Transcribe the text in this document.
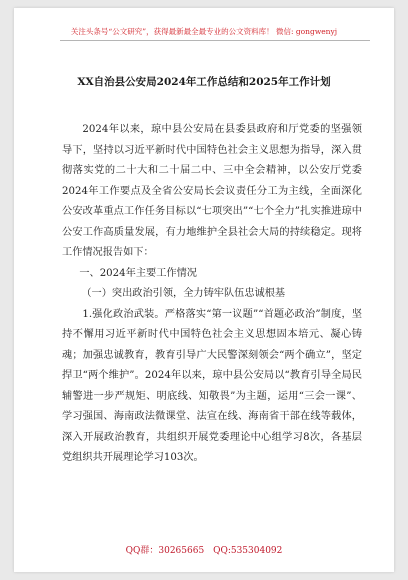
关注头条号“公文研究”，获得最新最全最专业的公文资料库！ 微信: gongwenyj
XX自治县公安局2024年工作总结和2025年工作计划

2024年以来，琼中县公安局在县委县政府和厅党委的坚强领导下，坚持以习近平新时代中国特色社会主义思想为指导，深入贯彻落实党的二十大和二十届二中、三中全会精神，以公安厅党委2024年工作要点及全省公安局长会议责任分工为主线，全面深化公安改革重点工作任务目标以“七项突出”“七个全力”扎实推进琼中公安工作高质量发展，有力地维护全县社会大局的持续稳定。现将工作情况报告如下：

一、2024年主要工作情况

（一）突出政治引领，全力铸牢队伍忠诚根基

1.强化政治武装。严格落实“第一议题”“首题必政治”制度，坚持不懈用习近平新时代中国特色社会主义思想固本培元、凝心铸魂；加强忠诚教育，教育引导广大民警深刻领会“两个确立”，坚定捍卫“两个维护”。2024年以来，琼中县公安局以“教育引导全局民辅警进一步严规矩、明底线、知敬畏”为主题，运用“三会一课”、学习强国、海南政法微课堂、法宣在线、海南省干部在线等载体，深入开展政治教育，共组织开展党委理论中心组学习8次，各基层党组织共开展理论学习103次。

QQ群：30265665 QQ:535304092
